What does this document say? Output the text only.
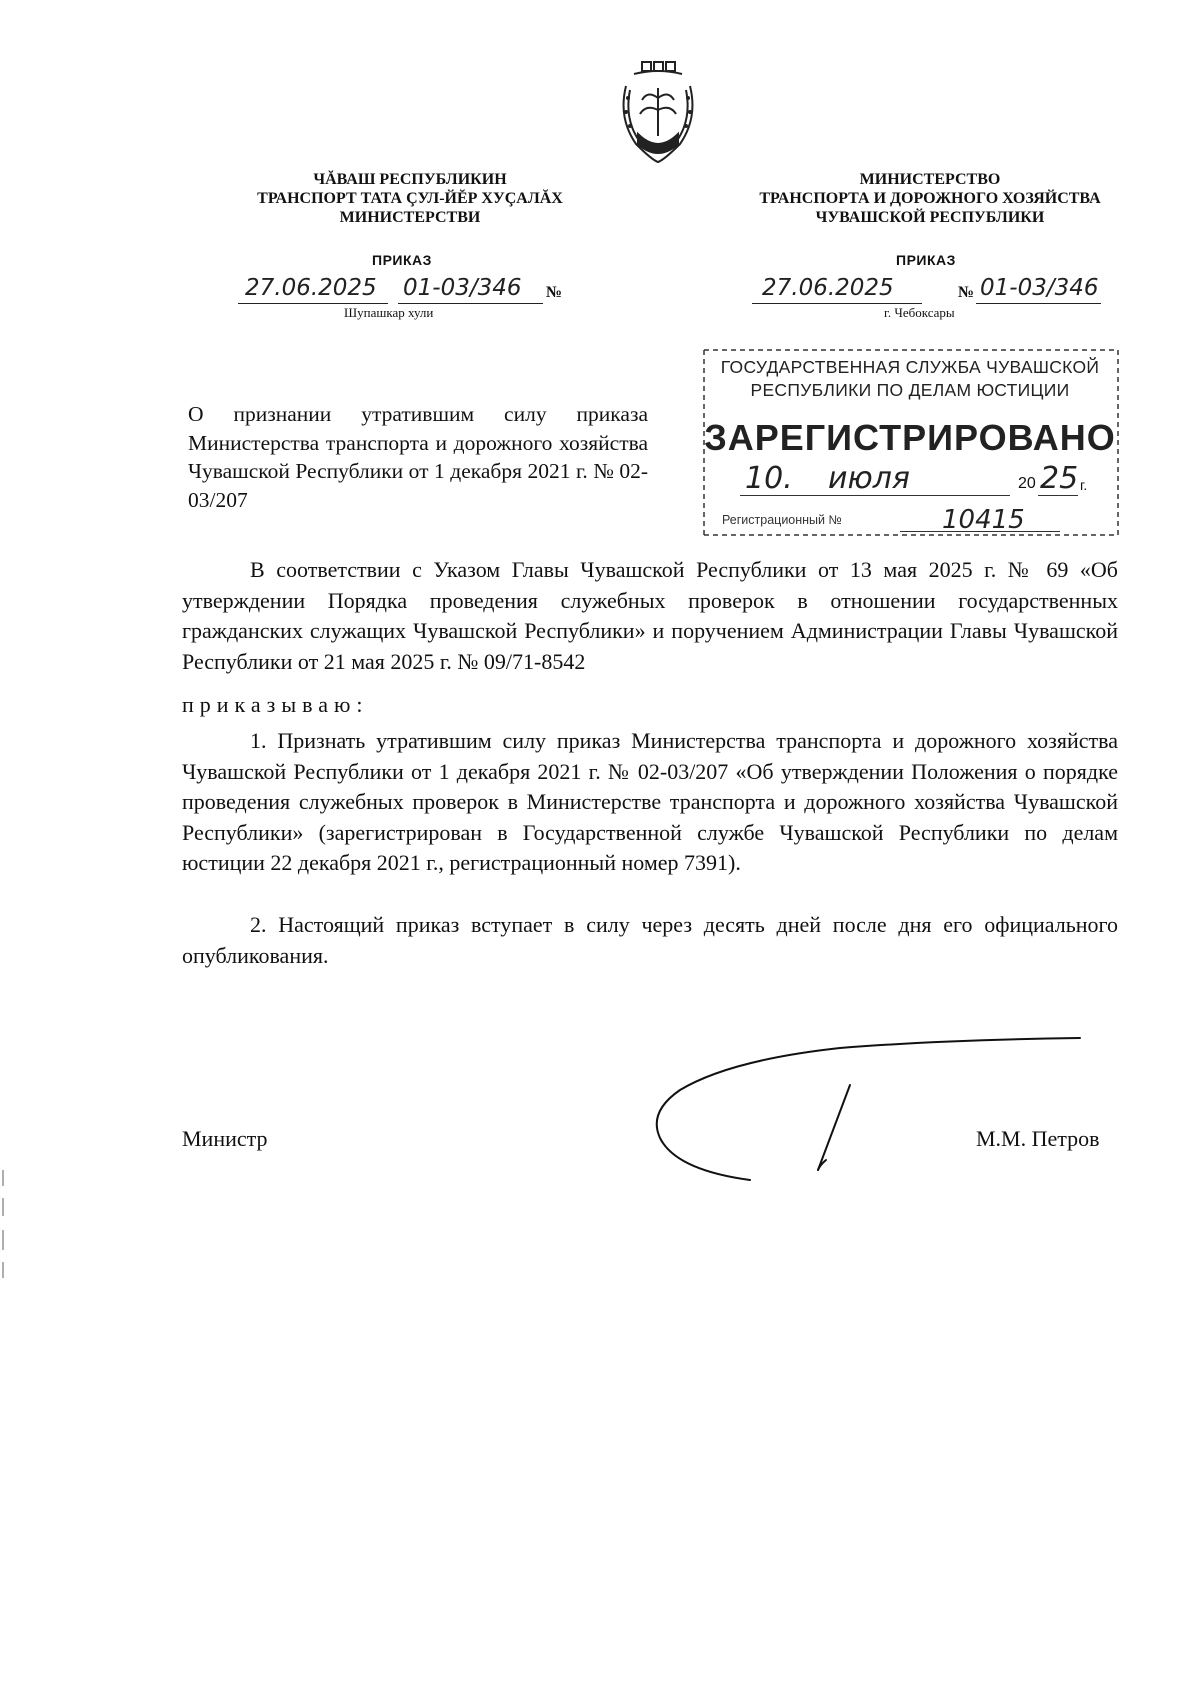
ЧĂВАШ РЕСПУБЛИКИН
ТРАНСПОРТ ТАТА ÇУЛ-ЙĔР ХУÇАЛĂХ
МИНИСТЕРСТВИ
МИНИСТЕРСТВО
ТРАНСПОРТА И ДОРОЖНОГО ХОЗЯЙСТВА
ЧУВАШСКОЙ РЕСПУБЛИКИ
ПРИКАЗ	ПРИКАЗ
27.06.2025 01-03/346 №
Шупашкар хули
27.06.2025	№ 01-03/346
г. Чебоксары
О признании утратившим силу приказа Министерства транспорта и дорожного хозяйства Чувашской Республики от 1 декабря 2021 г. № 02-03/207
ГОСУДАРСТВЕННАЯ СЛУЖБА ЧУВАШСКОЙ
РЕСПУБЛИКИ ПО ДЕЛАМ ЮСТИЦИИ
ЗАРЕГИСТРИРОВАНО
10. июля	20 25 г.
Регистрационный №	10415
В соответствии с Указом Главы Чувашской Республики от 13 мая 2025 г. № 69 «Об утверждении Порядка проведения служебных проверок в отношении государственных гражданских служащих Чувашской Республики» и поручением Администрации Главы Чувашской Республики от 21 мая 2025 г. № 09/71-8542
приказываю:
1. Признать утратившим силу приказ Министерства транспорта и дорожного хозяйства Чувашской Республики от 1 декабря 2021 г. № 02-03/207 «Об утверждении Положения о порядке проведения служебных проверок в Министерстве транспорта и дорожного хозяйства Чувашской Республики» (зарегистрирован в Государственной службе Чувашской Республики по делам юстиции 22 декабря 2021 г., регистрационный номер 7391).
2. Настоящий приказ вступает в силу через десять дней после дня его официального опубликования.
Министр	М.М. Петров
